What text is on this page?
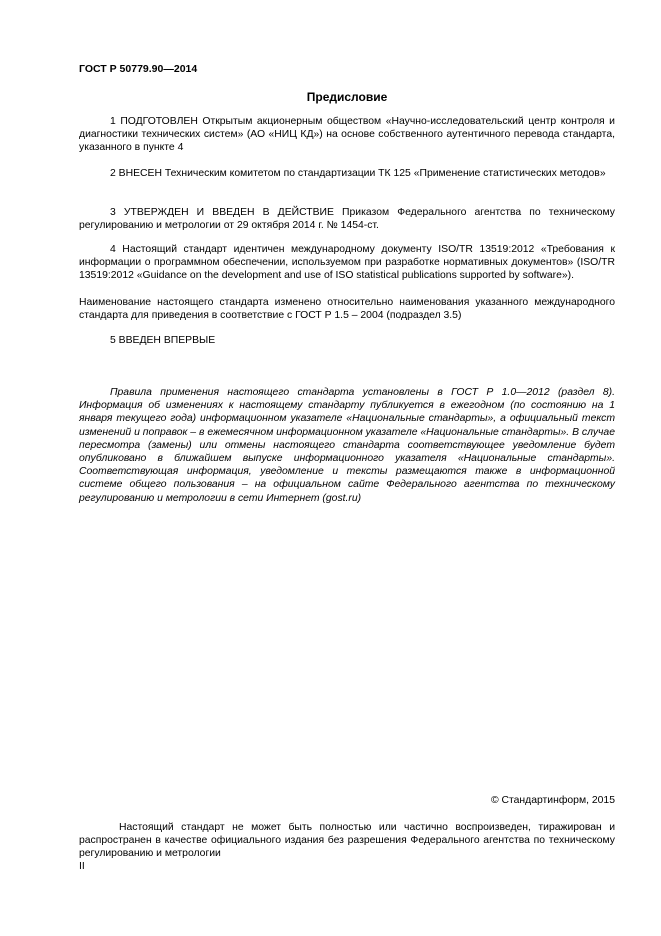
ГОСТ Р 50779.90—2014

Предисловие

1 ПОДГОТОВЛЕН Открытым акционерным обществом «Научно-исследовательский центр контроля и диагностики технических систем» (АО «НИЦ КД») на основе собственного аутентичного перевода стандарта, указанного в пункте 4

2 ВНЕСЕН Техническим комитетом по стандартизации ТК 125 «Применение статистических методов»

3 УТВЕРЖДЕН И ВВЕДЕН В ДЕЙСТВИЕ Приказом Федерального агентства по техническому регулированию и метрологии от 29 октября 2014 г. № 1454-ст.

4 Настоящий стандарт идентичен международному документу ISO/TR 13519:2012 «Требования к информации о программном обеспечении, используемом при разработке нормативных документов» (ISO/TR 13519:2012 «Guidance on the development and use of ISO statistical publications supported by software»).

Наименование настоящего стандарта изменено относительно наименования указанного международного стандарта для приведения в соответствие с ГОСТ Р 1.5 – 2004 (подраздел 3.5)

5 ВВЕДЕН ВПЕРВЫЕ

Правила применения настоящего стандарта установлены в ГОСТ Р 1.0—2012 (раздел 8). Информация об изменениях к настоящему стандарту публикуется в ежегодном (по состоянию на 1 января текущего года) информационном указателе «Национальные стандарты», а официальный текст изменений и поправок – в ежемесячном информационном указателе «Национальные стандарты». В случае пересмотра (замены) или отмены настоящего стандарта соответствующее уведомление будет опубликовано в ближайшем выпуске информационного указателя «Национальные стандарты». Соответствующая информация, уведомление и тексты размещаются также в информационной системе общего пользования – на официальном сайте Федерального агентства по техническому регулированию и метрологии в сети Интернет (gost.ru)

© Стандартинформ, 2015

Настоящий стандарт не может быть полностью или частично воспроизведен, тиражирован и распространен в качестве официального издания без разрешения Федерального агентства по техническому регулированию и метрологии

II
